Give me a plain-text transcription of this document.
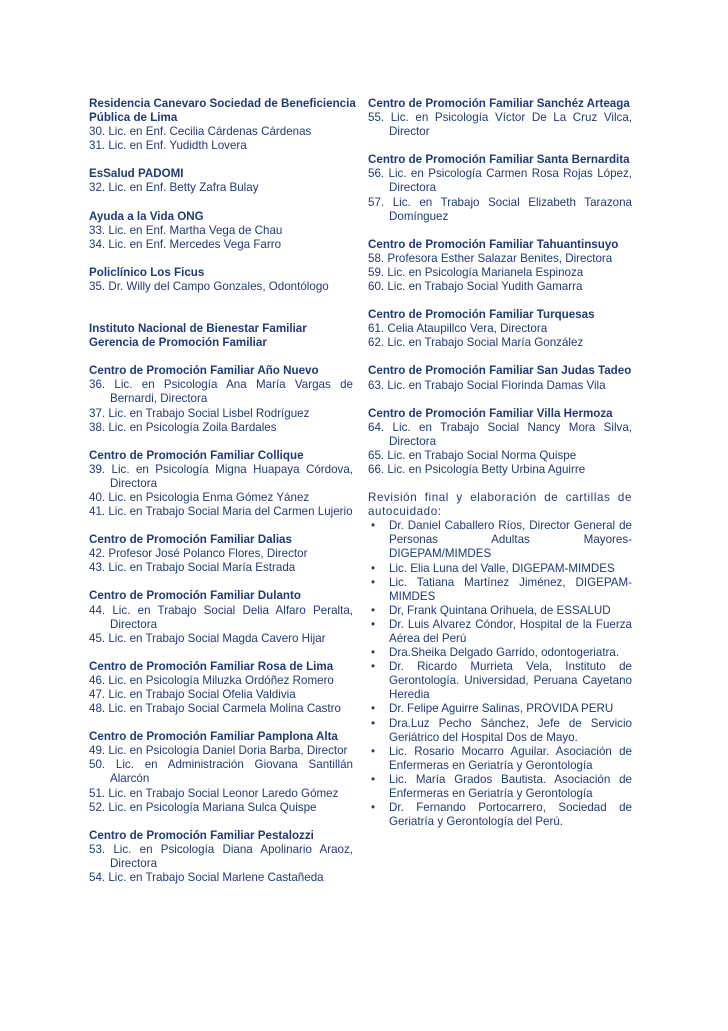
Residencia Canevaro Sociedad de Beneficiencia

Pública de Lima

30. Lic. en Enf. Cecilia Cárdenas Cárdenas

31. Lic. en Enf. Yudidth Lovera

EsSalud PADOMI

32. Lic. en Enf. Betty Zafra Bulay

Ayuda a la Vida ONG

33. Lic. en Enf. Martha Vega de Chau

34. Lic. en Enf. Mercedes Vega Farro

Policlínico Los Ficus

35. Dr. Willy del Campo Gonzales, Odontólogo

Instituto Nacional de Bienestar Familiar

Gerencia de Promoción Familiar

Centro de Promoción Familiar Año Nuevo

36. Lic. en Psicología Ana María Vargas de Bernardi, Directora

37. Lic. en Trabajo Social Lisbel Rodríguez

38. Lic. en Psicología Zoila Bardales

Centro de Promoción Familiar Collique

39. Lic. en Psicología Migna Huapaya Córdova, Directora

40. Lic. en Psicología Enma Gómez Yánez

41. Lic. en Trabajo Social Maria del Carmen Lujerio

Centro de Promoción Familiar Dalias

42. Profesor José Polanco Flores, Director

43. Lic. en Trabajo Social María Estrada

Centro de Promoción Familiar Dulanto

44. Lic. en Trabajo Social Delia Alfaro Peralta, Directora

45. Lic. en Trabajo Social Magda Cavero Hijar

Centro de Promoción Familiar Rosa de Lima

46. Lic. en Psicología Miluzka Ordóñez Romero

47. Lic. en Trabajo Social Ofelia Valdivia

48. Lic. en Trabajo Social Carmela Molina Castro

Centro de Promoción Familiar Pamplona Alta

49. Lic. en Psicología Daniel Doria Barba, Director

50. Lic. en Administración Giovana Santillán Alarcón

51. Lic. en Trabajo Social Leonor Laredo Gómez

52. Lic. en Psicología Mariana Sulca Quispe

Centro de Promoción Familiar Pestalozzi

53. Lic. en Psicología Diana Apolinario Araoz, Directora

54. Lic. en Trabajo Social Marlene Castañeda

Centro de Promoción Familiar Sanchéz Arteaga

55. Lic. en Psicología Víctor De La Cruz Vilca, Director

Centro de Promoción Familiar Santa Bernardita

56. Lic. en Psicología Carmen Rosa Rojas López, Directora

57. Lic. en Trabajo Social Elizabeth Tarazona Domínguez

Centro de Promoción Familiar Tahuantinsuyo

58. Profesora Esther Salazar Benites, Directora

59. Lic. en Psicología Marianela Espinoza

60. Lic. en Trabajo Social Yudith Gamarra

Centro de Promoción Familiar Turquesas

61. Celia Ataupillco Vera, Directora

62. Lic. en Trabajo Social María González

Centro de Promoción Familiar San Judas Tadeo

63. Lic. en Trabajo Social Florinda Damas Vila

Centro de Promoción Familiar Villa Hermoza

64. Lic. en Trabajo Social Nancy Mora Silva, Directora

65. Lic. en Trabajo Social Norma Quispe

66. Lic. en Psicología Betty Urbina Aguirre

Revisión final y elaboración de cartillas de autocuidado:

• Dr. Daniel Caballero Ríos, Director General de Personas Adultas Mayores-DIGEPAM/MIMDES
• Lic. Elia Luna del Valle, DIGEPAM-MIMDES
• Lic. Tatiana Martínez Jiménez, DIGEPAM-MIMDES
• Dr, Frank Quintana Orihuela, de ESSALUD
• Dr. Luis Alvarez Cóndor, Hospital de la Fuerza Aérea del Perú
• Dra.Sheika Delgado Garrido, odontogeriatra.
• Dr. Ricardo Murrieta Vela, Instituto de Gerontología. Universidad, Peruana Cayetano Heredia
• Dr. Felipe Aguirre Salinas, PROVIDA PERU
• Dra.Luz Pecho Sánchez, Jefe de Servicio Geriátrico del Hospital Dos de Mayo.
• Lic. Rosario Mocarro Aguilar. Asociación de Enfermeras en Geriatría y Gerontología
• Lic. María Grados Bautista. Asociación de Enfermeras en Geriatría y Gerontología
• Dr. Fernando Portocarrero, Sociedad de Geriatría y Gerontología del Perú.
